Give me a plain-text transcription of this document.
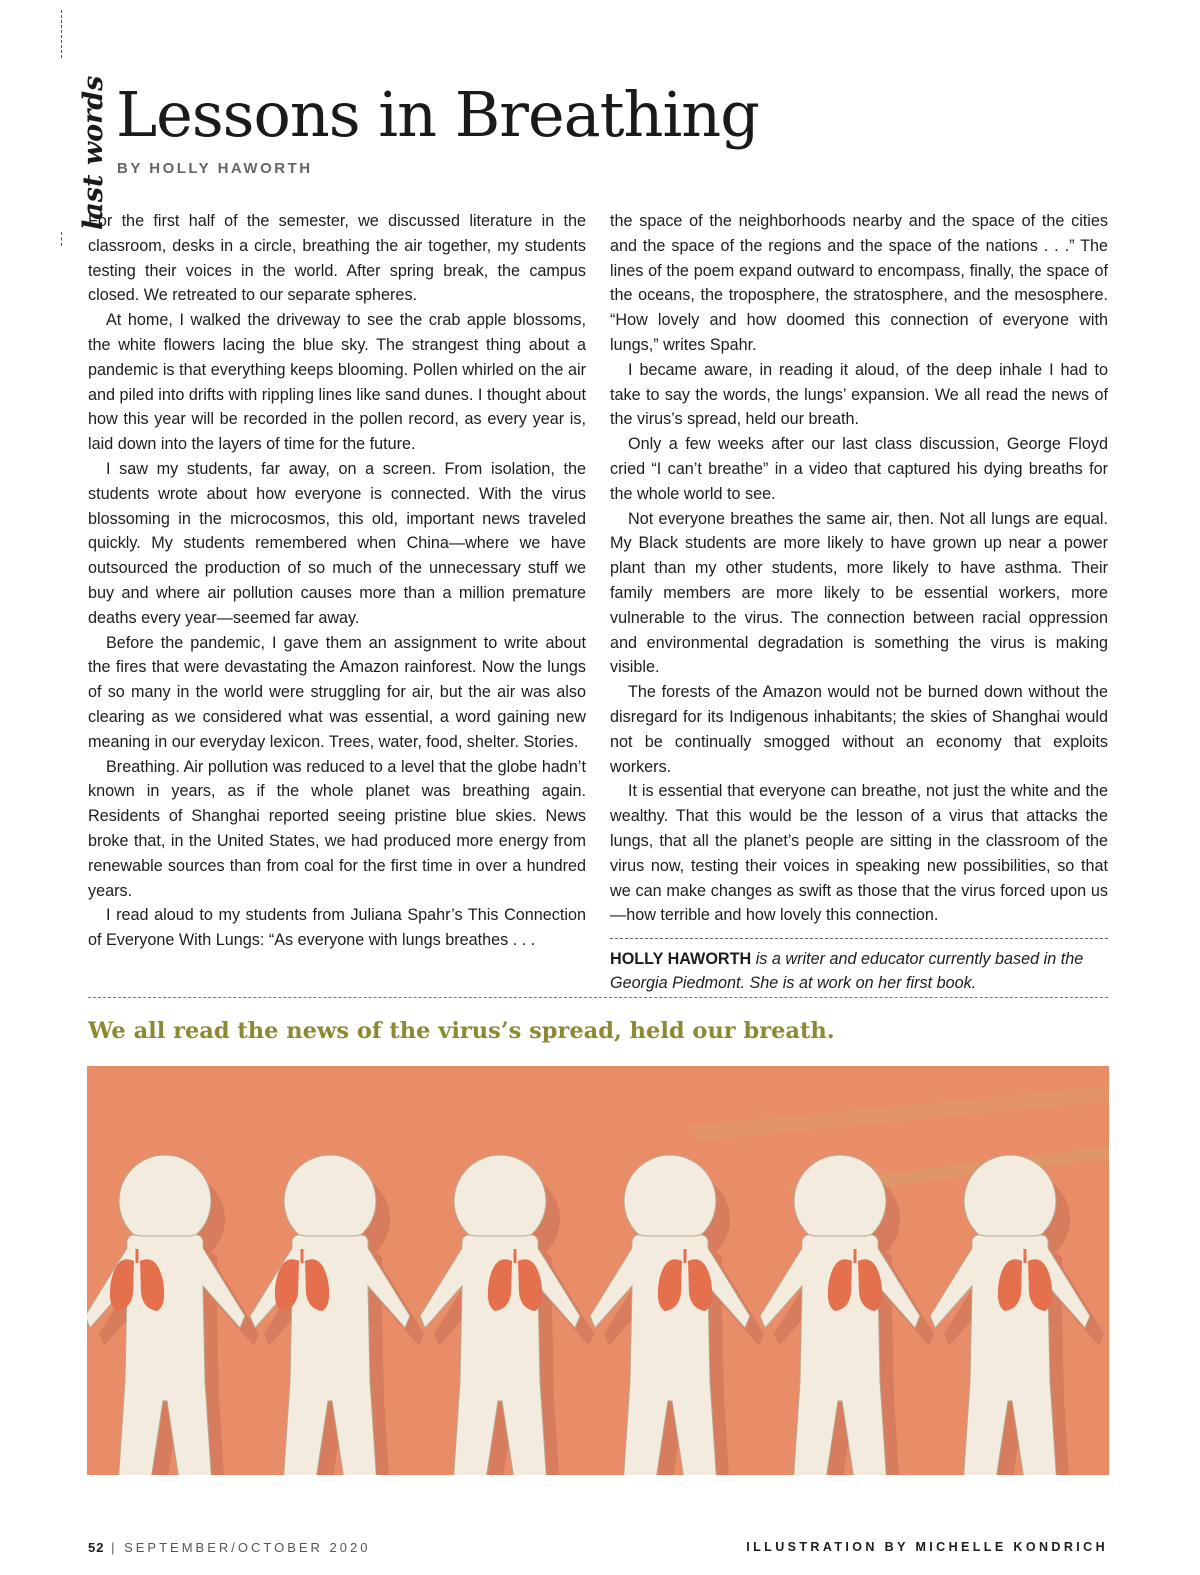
last words Lessons in Breathing
BY HOLLY HAWORTH

For the first half of the semester, we discussed literature in the classroom, desks in a circle, breathing the air together, my students testing their voices in the world. After spring break, the campus closed. We retreated to our separate spheres.

At home, I walked the driveway to see the crab apple blossoms, the white flowers lacing the blue sky. The strangest thing about a pandemic is that everything keeps blooming. Pollen whirled on the air and piled into drifts with rippling lines like sand dunes. I thought about how this year will be recorded in the pollen record, as every year is, laid down into the layers of time for the future.

I saw my students, far away, on a screen. From isolation, the students wrote about how everyone is connected. With the virus blossoming in the microcosmos, this old, important news traveled quickly. My students remembered when China—where we have outsourced the production of so much of the unnecessary stuff we buy and where air pollution causes more than a million premature deaths every year—seemed far away.

Before the pandemic, I gave them an assignment to write about the fires that were devastating the Amazon rainforest. Now the lungs of so many in the world were struggling for air, but the air was also clearing as we considered what was essential, a word gaining new meaning in our everyday lexicon. Trees, water, food, shelter. Stories.

Breathing. Air pollution was reduced to a level that the globe hadn’t known in years, as if the whole planet was breathing again. Residents of Shanghai reported seeing pristine blue skies. News broke that, in the United States, we had produced more energy from renewable sources than from coal for the first time in over a hundred years.

I read aloud to my students from Juliana Spahr’s This Connection of Everyone With Lungs: “As everyone with lungs breathes . . .

the space of the neighborhoods nearby and the space of the cities and the space of the regions and the space of the nations . . .” The lines of the poem expand outward to encompass, finally, the space of the oceans, the troposphere, the stratosphere, and the mesosphere. “How lovely and how doomed this connection of everyone with lungs,” writes Spahr.

I became aware, in reading it aloud, of the deep inhale I had to take to say the words, the lungs’ expansion. We all read the news of the virus’s spread, held our breath.

Only a few weeks after our last class discussion, George Floyd cried “I can’t breathe” in a video that captured his dying breaths for the whole world to see.

Not everyone breathes the same air, then. Not all lungs are equal. My Black students are more likely to have grown up near a power plant than my other students, more likely to have asthma. Their family members are more likely to be essential workers, more vulnerable to the virus. The connection between racial oppression and environmental degradation is something the virus is making visible.

The forests of the Amazon would not be burned down without the disregard for its Indigenous inhabitants; the skies of Shanghai would not be continually smogged without an economy that exploits workers.

It is essential that everyone can breathe, not just the white and the wealthy. That this would be the lesson of a virus that attacks the lungs, that all the planet’s people are sitting in the classroom of the virus now, testing their voices in speaking new possibilities, so that we can make changes as swift as those that the virus forced upon us—how terrible and how lovely this connection.

HOLLY HAWORTH is a writer and educator currently based in the Georgia Piedmont. She is at work on her first book.

We all read the news of the virus’s spread, held our breath.
52 | SEPTEMBER/OCTOBER 2020	ILLUSTRATION BY MICHELLE KONDRICH
